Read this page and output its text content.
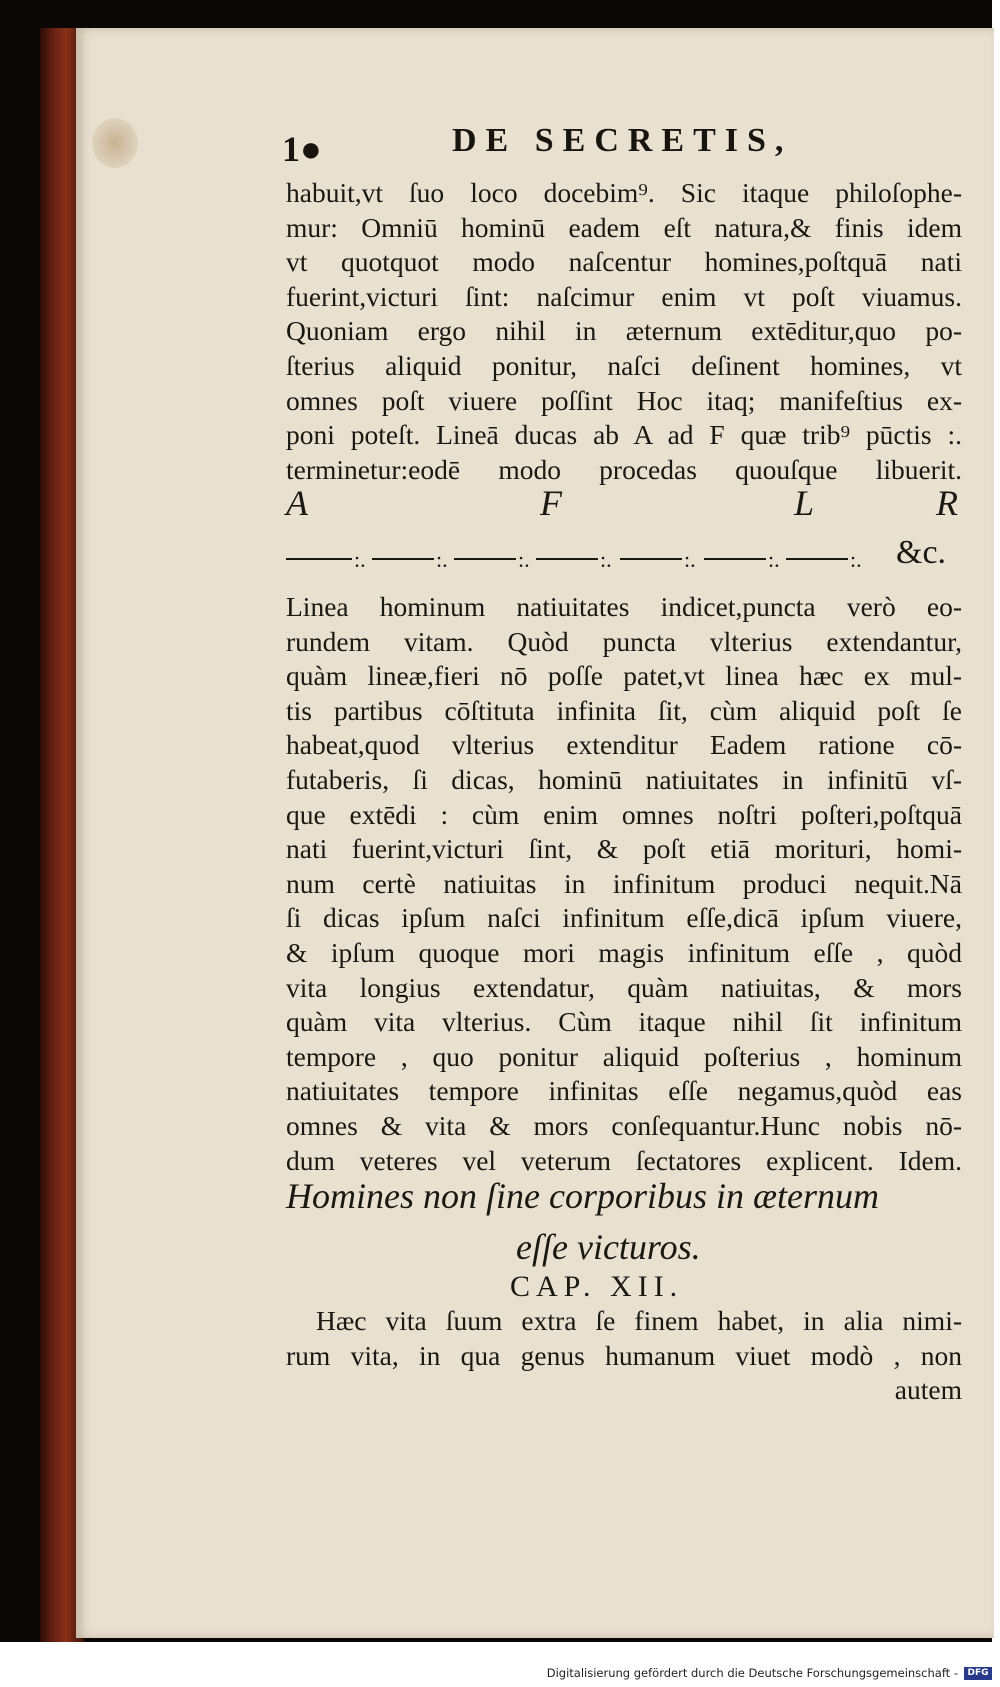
1●	DE SECRETIS,
habuit,vt ſuo loco docebim⁹. Sic itaque philoſophe-
mur: Omniū hominū eadem eſt natura,& finis idem
vt quotquot modo naſcentur homines,poſtquā nati
fuerint,victuri ſint: naſcimur enim vt poſt viuamus.
Quoniam ergo nihil in æternum extēditur,quo po-
ſterius aliquid ponitur, naſci deſinent homines, vt
omnes poſt viuere poſſint Hoc itaq; manifeſtius ex-
poni poteſt. Lineā ducas ab A ad F quæ trib⁹ pūctis :.
terminetur:eodē modo procedas quouſque libuerit.
A	F	L	R
:.	:.	:.	:.	:.	:.	:. &c.
Linea hominum natiuitates indicet,puncta verò eo-
rundem vitam. Quòd puncta vlterius extendantur,
quàm lineæ,fieri nō poſſe patet,vt linea hæc ex mul-
tis partibus cōſtituta infinita ſit, cùm aliquid poſt ſe
habeat,quod vlterius extenditur Eadem ratione cō-
futaberis, ſi dicas, hominū natiuitates in infinitū vſ-
que extēdi : cùm enim omnes noſtri poſteri,poſtquā
nati fuerint,victuri ſint, & poſt etiā morituri, homi-
num certè natiuitas in infinitum produci nequit.Nā
ſi dicas ipſum naſci infinitum eſſe,dicā ipſum viuere,
& ipſum quoque mori magis infinitum eſſe , quòd
vita longius extendatur, quàm natiuitas, & mors
quàm vita vlterius. Cùm itaque nihil ſit infinitum
tempore , quo ponitur aliquid poſterius , hominum
natiuitates tempore infinitas eſſe negamus,quòd eas
omnes & vita & mors conſequantur.Hunc nobis nō-
dum veteres vel veterum ſectatores explicent. Idem.
Homines non ſine corporibus in æternum
eſſe victuros.
CAP. XII.
Hæc vita ſuum extra ſe finem habet, in alia nimi-
rum vita, in qua genus humanum viuet modò , non
autem
Digitalisierung gefördert durch die Deutsche Forschungsgemeinschaft -	DFG
